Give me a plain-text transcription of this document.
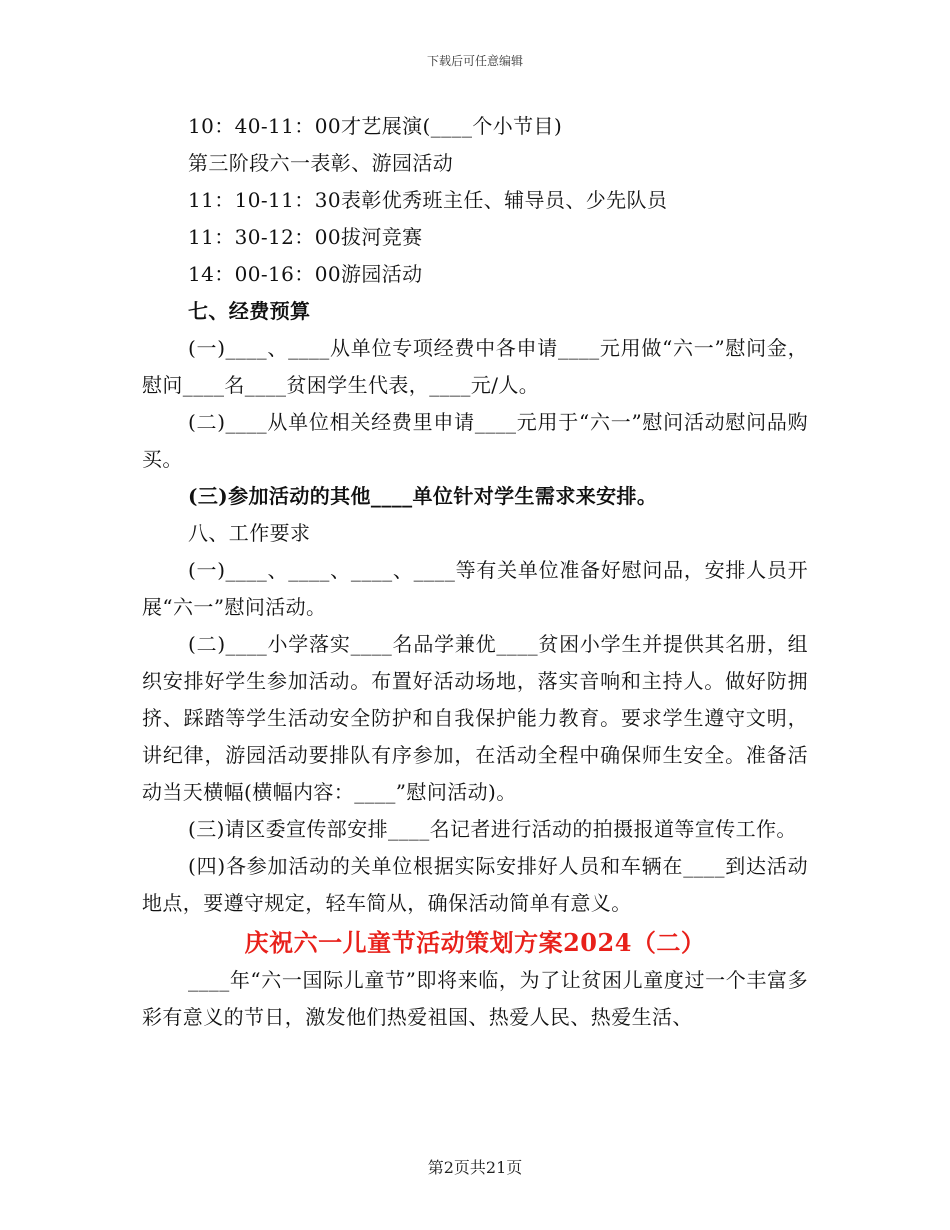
下载后可任意编辑
10：40-11：00才艺展演(____个小节目)
第三阶段六一表彰、游园活动
11：10-11：30表彰优秀班主任、辅导员、少先队员
11：30-12：00拔河竞赛
14：00-16：00游园活动
七、经费预算
(一)____、____从单位专项经费中各申请____元用做“六一”慰问金，慰问____名____贫困学生代表，____元/人。
(二)____从单位相关经费里申请____元用于“六一”慰问活动慰问品购买。
(三)参加活动的其他____单位针对学生需求来安排。
八、工作要求
(一)____、____、____、____等有关单位准备好慰问品，安排人员开展“六一”慰问活动。
(二)____小学落实____名品学兼优____贫困小学生并提供其名册，组织安排好学生参加活动。布置好活动场地，落实音响和主持人。做好防拥挤、踩踏等学生活动安全防护和自我保护能力教育。要求学生遵守文明，讲纪律，游园活动要排队有序参加，在活动全程中确保师生安全。准备活动当天横幅(横幅内容：____”慰问活动)。
(三)请区委宣传部安排____名记者进行活动的拍摄报道等宣传工作。
(四)各参加活动的关单位根据实际安排好人员和车辆在____到达活动地点，要遵守规定，轻车简从，确保活动简单有意义。
庆祝六一儿童节活动策划方案2024（二）
____年“六一国际儿童节”即将来临，为了让贫困儿童度过一个丰富多彩有意义的节日，激发他们热爱祖国、热爱人民、热爱生活、
第2页共21页
